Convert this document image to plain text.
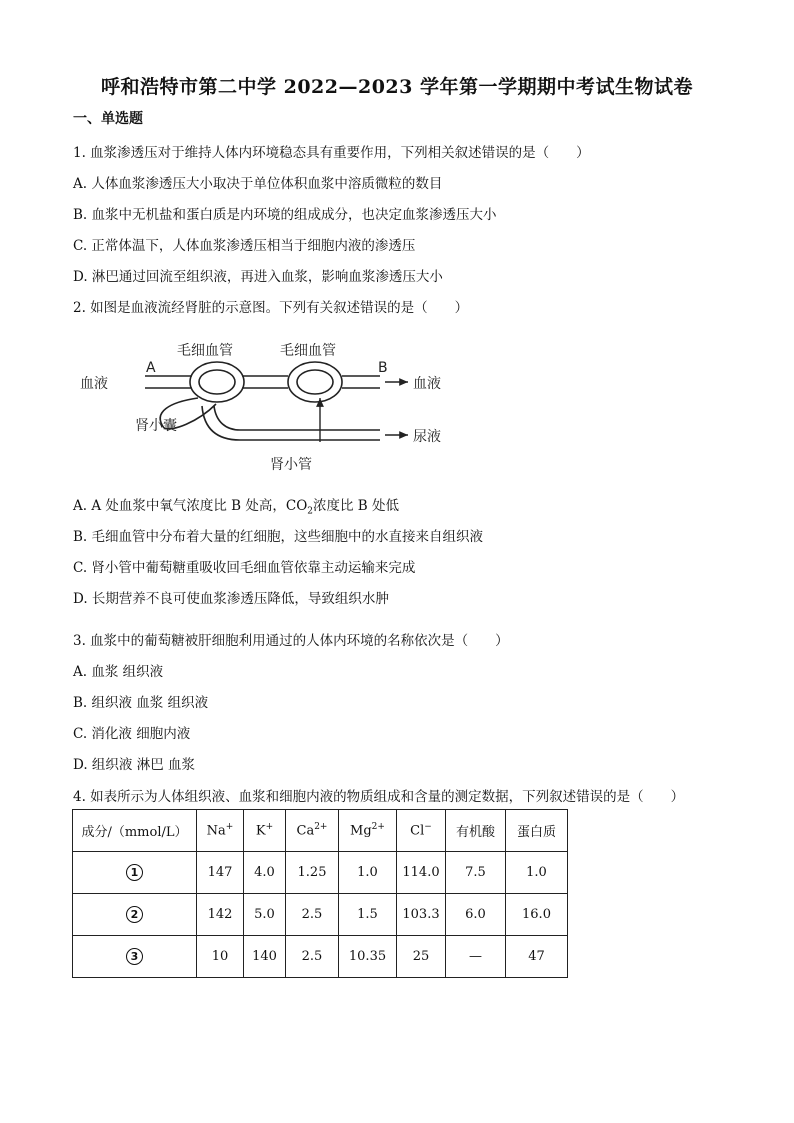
呼和浩特市第二中学 2022—2023 学年第一学期期中考试生物试卷
一、单选题
1. 血浆渗透压对于维持人体内环境稳态具有重要作用，下列相关叙述错误的是（　　）
A. 人体血浆渗透压大小取决于单位体积血浆中溶质微粒的数目
B. 血浆中无机盐和蛋白质是内环境的组成成分，也决定血浆渗透压大小
C. 正常体温下，人体血浆渗透压相当于细胞内液的渗透压
D. 淋巴通过回流至组织液，再进入血浆，影响血浆渗透压大小
2. 如图是血液流经肾脏的示意图。下列有关叙述错误的是（　　）
毛细血管	毛细血管
血液
A	B
血液
肾小囊
肾小管
尿液
A. A 处血浆中氧气浓度比 B 处高，$CO_2$浓度比 B 处低
B. 毛细血管中分布着大量的红细胞，这些细胞中的水直接来自组织液
C. 肾小管中葡萄糖重吸收回毛细血管依靠主动运输来完成
D. 长期营养不良可使血浆渗透压降低，导致组织水肿
3. 血浆中的葡萄糖被肝细胞利用通过的人体内环境的名称依次是（　　）
A. 血浆 组织液
B. 组织液 血浆 组织液
C. 消化液 细胞内液
D. 组织液 淋巴 血浆
4. 如表所示为人体组织液、血浆和细胞内液的物质组成和含量的测定数据，下列叙述错误的是（　　）
成分/（mmol/L）	Na+	K+	$Ca^{2+}$	$Mg^{2+}$	Cl−	有机酸	蛋白质
1	147	4.0	1.25	1.0	114.0	7.5	1.0
2	142	5.0	2.5	1.5	103.3	6.0	16.0
3	10	140	2.5	10.35	25	—	47
